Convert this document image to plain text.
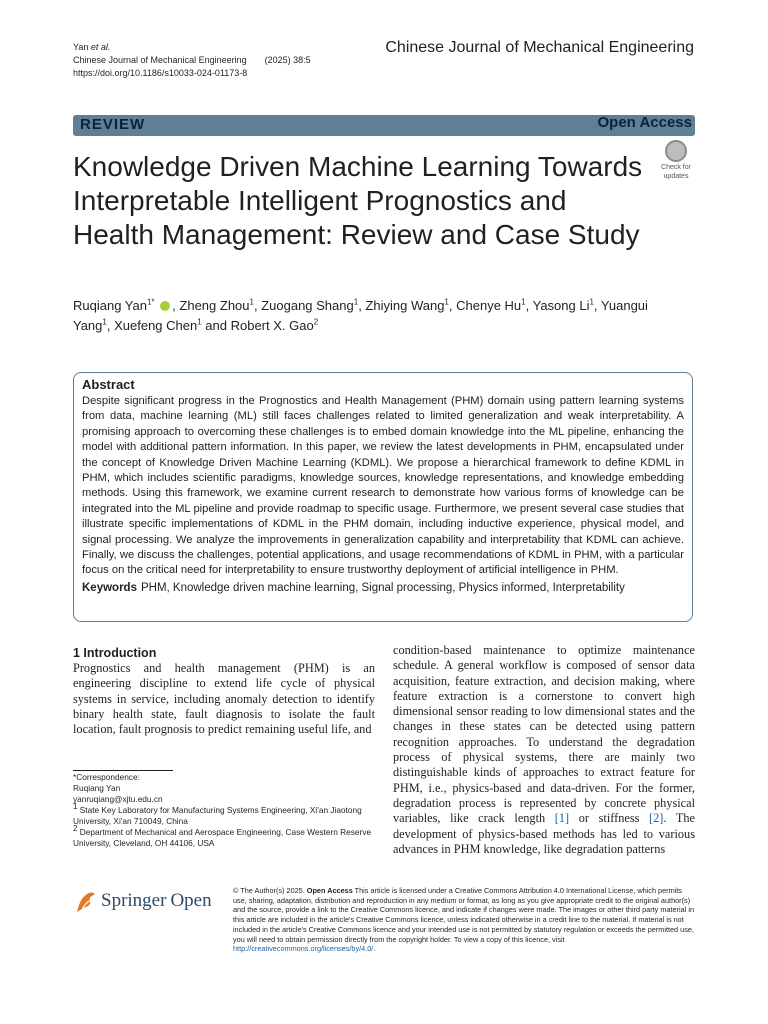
Yan et al.
Chinese Journal of Mechanical Engineering (2025) 38:5
https://doi.org/10.1186/s10033-024-01173-8
Chinese Journal of Mechanical Engineering
REVIEW	Open Access
Knowledge Driven Machine Learning Towards Interpretable Intelligent Prognostics and Health Management: Review and Case Study
Check for
updates
Ruqiang Yan$^{1*}$ , Zheng Zhou$^1$, Zuogang Shang$^1$, Zhiying Wang$^1$, Chenye Hu$^1$, Yasong Li$^1$, Yuangui Yang$^1$, Xuefeng Chen$^1$ and Robert X. Gao$^2$
Abstract
Despite significant progress in the Prognostics and Health Management (PHM) domain using pattern learning systems from data, machine learning (ML) still faces challenges related to limited generalization and weak interpretability. A promising approach to overcoming these challenges is to embed domain knowledge into the ML pipeline, enhancing the model with additional pattern information. In this paper, we review the latest developments in PHM, encapsulated under the concept of Knowledge Driven Machine Learning (KDML). We propose a hierarchical framework to define KDML in PHM, which includes scientific paradigms, knowledge sources, knowledge representations, and knowledge embedding methods. Using this framework, we examine current research to demonstrate how various forms of knowledge can be integrated into the ML pipeline and provide roadmap to specific usage. Furthermore, we present several case studies that illustrate specific implementations of KDML in the PHM domain, including inductive experience, physical model, and signal processing. We analyze the improvements in generalization capability and interpretability that KDML can achieve. Finally, we discuss the challenges, potential applications, and usage recommendations of KDML in PHM, with a particular focus on the critical need for interpretability to ensure trustworthy deployment of artificial intelligence in PHM.
Keywords PHM, Knowledge driven machine learning, Signal processing, Physics informed, Interpretability
1 Introduction
Prognostics and health management (PHM) is an engineering discipline to extend life cycle of physical systems in service, including anomaly detection to identify binary health state, fault diagnosis to isolate the fault location, fault prognosis to predict remaining useful life, and
condition-based maintenance to optimize maintenance schedule. A general workflow is composed of sensor data acquisition, feature extraction, and decision making, where feature extraction is a cornerstone to convert high dimensional sensor reading to low dimensional states and the changes in these states can be detected using pattern recognition approaches. To understand the degradation process of physical systems, there are mainly two distinguishable kinds of approaches to extract feature for PHM, i.e., physics-based and data-driven. For the former, degradation process is represented by concrete physical variables, like crack length [1] or stiffness [2]. The development of physics-based methods has led to various advances in PHM knowledge, like degradation patterns
*Correspondence:
Ruqiang Yan
yanruqiang@xjtu.edu.cn
$^1$ State Key Laboratory for Manufacturing Systems Engineering, Xi'an Jiaotong University, Xi'an 710049, China
$^2$ Department of Mechanical and Aerospace Engineering, Case Western Reserve University, Cleveland, OH 44106, USA
Springer Open	© The Author(s) 2025. Open Access This article is licensed under a Creative Commons Attribution 4.0 International License, which permits use, sharing, adaptation, distribution and reproduction in any medium or format, as long as you give appropriate credit to the original author(s) and the source, provide a link to the Creative Commons licence, and indicate if changes were made. The images or other third party material in this article are included in the article's Creative Commons licence, unless indicated otherwise in a credit line to the material. If material is not included in the article's Creative Commons licence and your intended use is not permitted by statutory regulation or exceeds the permitted use, you will need to obtain permission directly from the copyright holder. To view a copy of this licence, visit http://creativecommons.org/licenses/by/4.0/.
